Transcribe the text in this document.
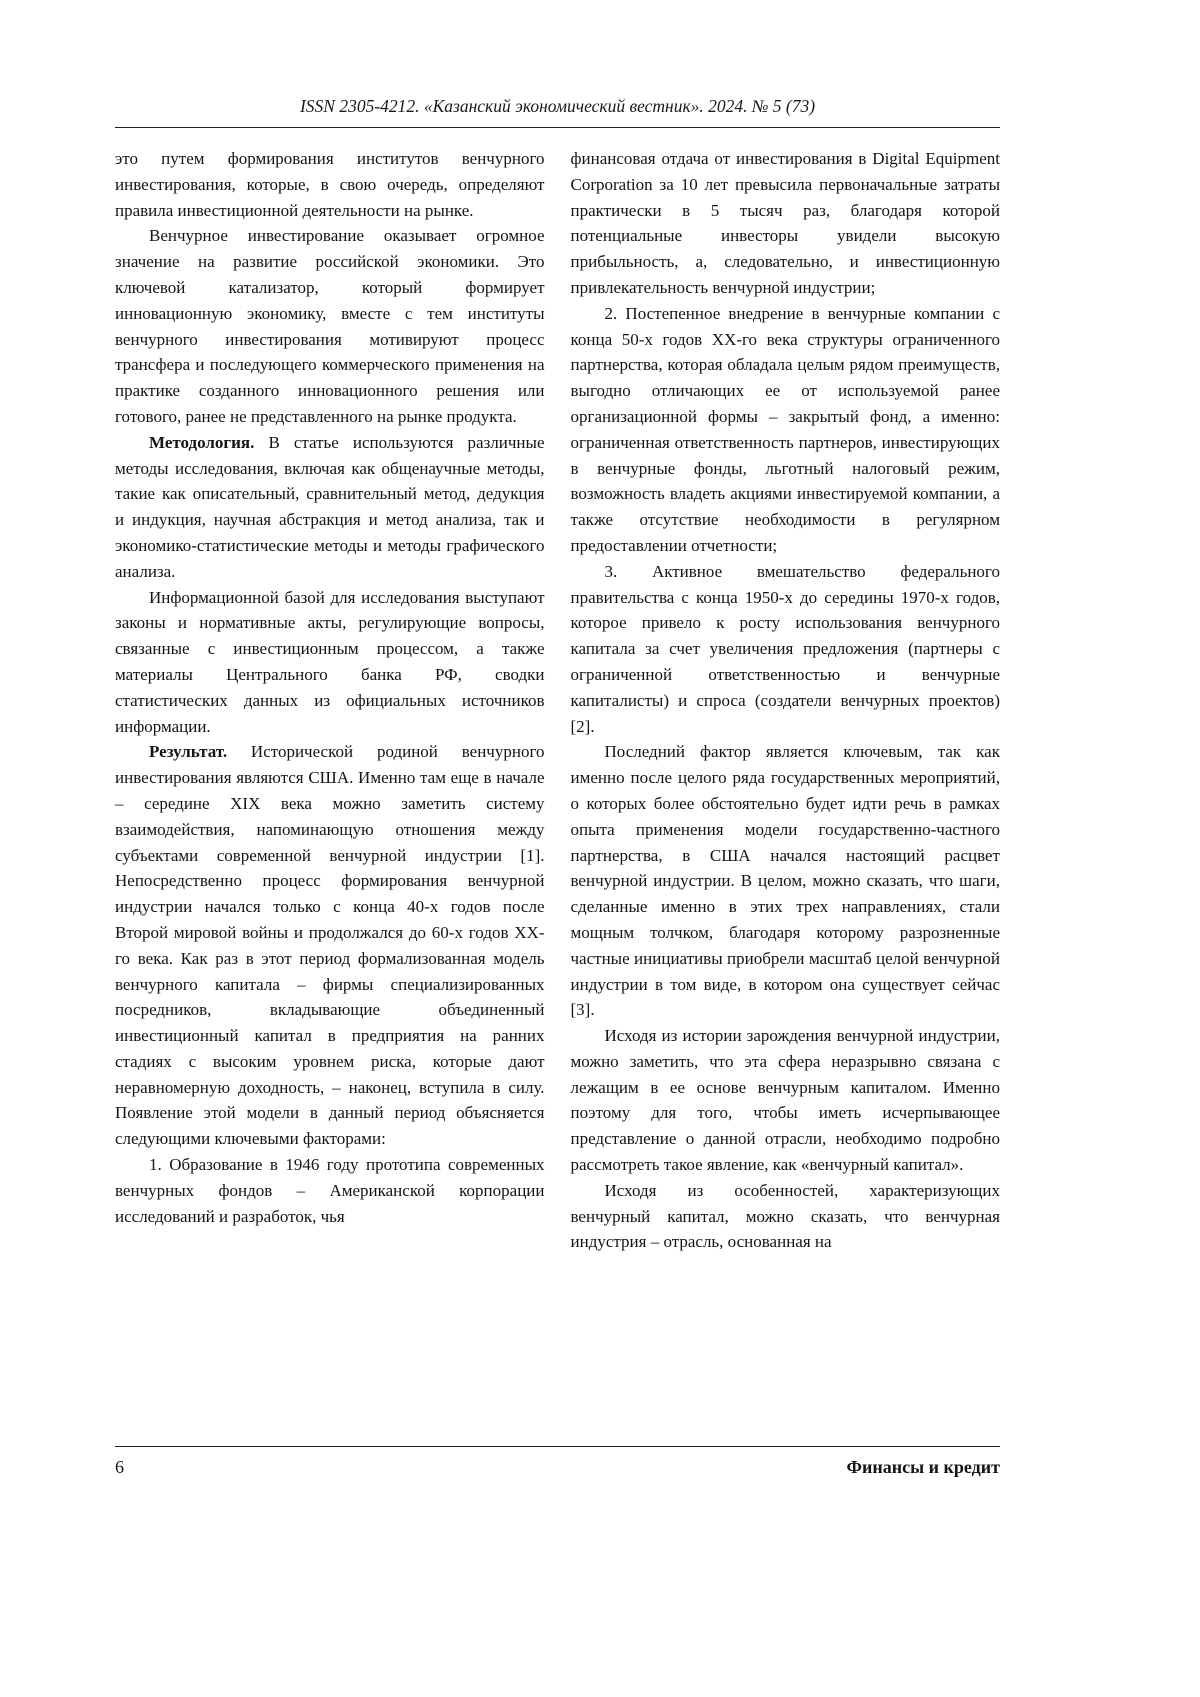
ISSN 2305-4212. «Казанский экономический вестник». 2024. № 5 (73)

это путем формирования институтов венчурного инвестирования, которые, в свою очередь, определяют правила инвестиционной деятельности на рынке.

Венчурное инвестирование оказывает огромное значение на развитие российской экономики. Это ключевой катализатор, который формирует инновационную экономику, вместе с тем институты венчурного инвестирования мотивируют процесс трансфера и последующего коммерческого применения на практике созданного инновационного решения или готового, ранее не представленного на рынке продукта.

Методология. В статье используются различные методы исследования, включая как общенаучные методы, такие как описательный, сравнительный метод, дедукция и индукция, научная абстракция и метод анализа, так и экономико-статистические методы и методы графического анализа.

Информационной базой для исследования выступают законы и нормативные акты, регулирующие вопросы, связанные с инвестиционным процессом, а также материалы Центрального банка РФ, сводки статистических данных из официальных источников информации.

Результат. Исторической родиной венчурного инвестирования являются США. Именно там еще в начале – середине XIX века можно заметить систему взаимодействия, напоминающую отношения между субъектами современной венчурной индустрии [1]. Непосредственно процесс формирования венчурной индустрии начался только с конца 40-х годов после Второй мировой войны и продолжался до 60-х годов XX-го века. Как раз в этот период формализованная модель венчурного капитала – фирмы специализированных посредников, вкладывающие объединенный инвестиционный капитал в предприятия на ранних стадиях с высоким уровнем риска, которые дают неравномерную доходность, – наконец, вступила в силу. Появление этой модели в данный период объясняется следующими ключевыми факторами:

1. Образование в 1946 году прототипа современных венчурных фондов – Американской корпорации исследований и разработок, чья

финансовая отдача от инвестирования в Digital Equipment Corporation за 10 лет превысила первоначальные затраты практически в 5 тысяч раз, благодаря которой потенциальные инвесторы увидели высокую прибыльность, а, следовательно, и инвестиционную привлекательность венчурной индустрии;

2. Постепенное внедрение в венчурные компании с конца 50-х годов XX-го века структуры ограниченного партнерства, которая обладала целым рядом преимуществ, выгодно отличающих ее от используемой ранее организационной формы – закрытый фонд, а именно: ограниченная ответственность партнеров, инвестирующих в венчурные фонды, льготный налоговый режим, возможность владеть акциями инвестируемой компании, а также отсутствие необходимости в регулярном предоставлении отчетности;

3. Активное вмешательство федерального правительства с конца 1950-х до середины 1970-х годов, которое привело к росту использования венчурного капитала за счет увеличения предложения (партнеры с ограниченной ответственностью и венчурные капиталисты) и спроса (создатели венчурных проектов) [2].

Последний фактор является ключевым, так как именно после целого ряда государственных мероприятий, о которых более обстоятельно будет идти речь в рамках опыта применения модели государственно-частного партнерства, в США начался настоящий расцвет венчурной индустрии. В целом, можно сказать, что шаги, сделанные именно в этих трех направлениях, стали мощным толчком, благодаря которому разрозненные частные инициативы приобрели масштаб целой венчурной индустрии в том виде, в котором она существует сейчас [3].

Исходя из истории зарождения венчурной индустрии, можно заметить, что эта сфера неразрывно связана с лежащим в ее основе венчурным капиталом. Именно поэтому для того, чтобы иметь исчерпывающее представление о данной отрасли, необходимо подробно рассмотреть такое явление, как «венчурный капитал».

Исходя из особенностей, характеризующих венчурный капитал, можно сказать, что венчурная индустрия – отрасль, основанная на

6	Финансы и кредит
